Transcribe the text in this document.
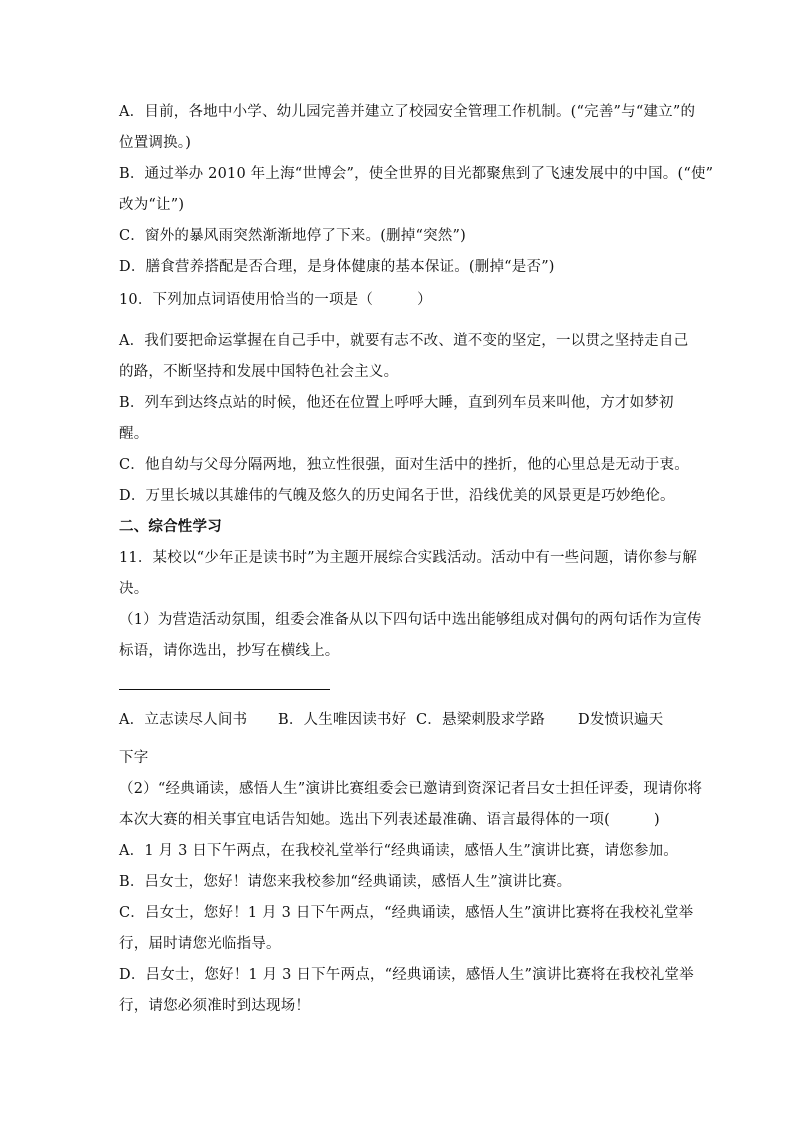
A．目前，各地中小学、幼儿园完善并建立了校园安全管理工作机制。(“完善”与“建立”的
位置调换。)
B．通过举办 2010 年上海“世博会”，使全世界的目光都聚焦到了飞速发展中的中国。(“使”
改为“让”)
C．窗外的暴风雨突然渐渐地停了下来。(删掉“突然”)
D．膳食营养搭配是否合理，是身体健康的基本保证。(删掉“是否”)
10．下列加点词语使用恰当的一项是（　　　）
A．我们要把命运掌握在自己手中，就要有志不改、道不变的坚定，一以贯之坚持走自己
的路，不断坚持和发展中国特色社会主义。
B．列车到达终点站的时候，他还在位置上呼呼大睡，直到列车员来叫他，方才如梦初
醒。
C．他自幼与父母分隔两地，独立性很强，面对生活中的挫折，他的心里总是无动于衷。
D．万里长城以其雄伟的气魄及悠久的历史闻名于世，沿线优美的风景更是巧妙绝伦。
二、综合性学习
11．某校以“少年正是读书时”为主题开展综合实践活动。活动中有一些问题，请你参与解
决。
（1）为营造活动氛围，组委会准备从以下四句话中选出能够组成对偶句的两句话作为宣传
标语，请你选出，抄写在横线上。
A．立志读尽人间书 B．人生唯因读书好 C．悬梁刺股求学路 D发愤识遍天
下字
（2）“经典诵读，感悟人生”演讲比赛组委会已邀请到资深记者吕女士担任评委，现请你将
本次大赛的相关事宜电话告知她。选出下列表述最准确、语言最得体的一项(　　　)
A．1 月 3 日下午两点，在我校礼堂举行“经典诵读，感悟人生”演讲比赛，请您参加。
B．吕女士，您好！请您来我校参加“经典诵读，感悟人生”演讲比赛。
C．吕女士，您好！1 月 3 日下午两点，“经典诵读，感悟人生”演讲比赛将在我校礼堂举
行，届时请您光临指导。
D．吕女士，您好！1 月 3 日下午两点，“经典诵读，感悟人生”演讲比赛将在我校礼堂举
行，请您必须准时到达现场！
